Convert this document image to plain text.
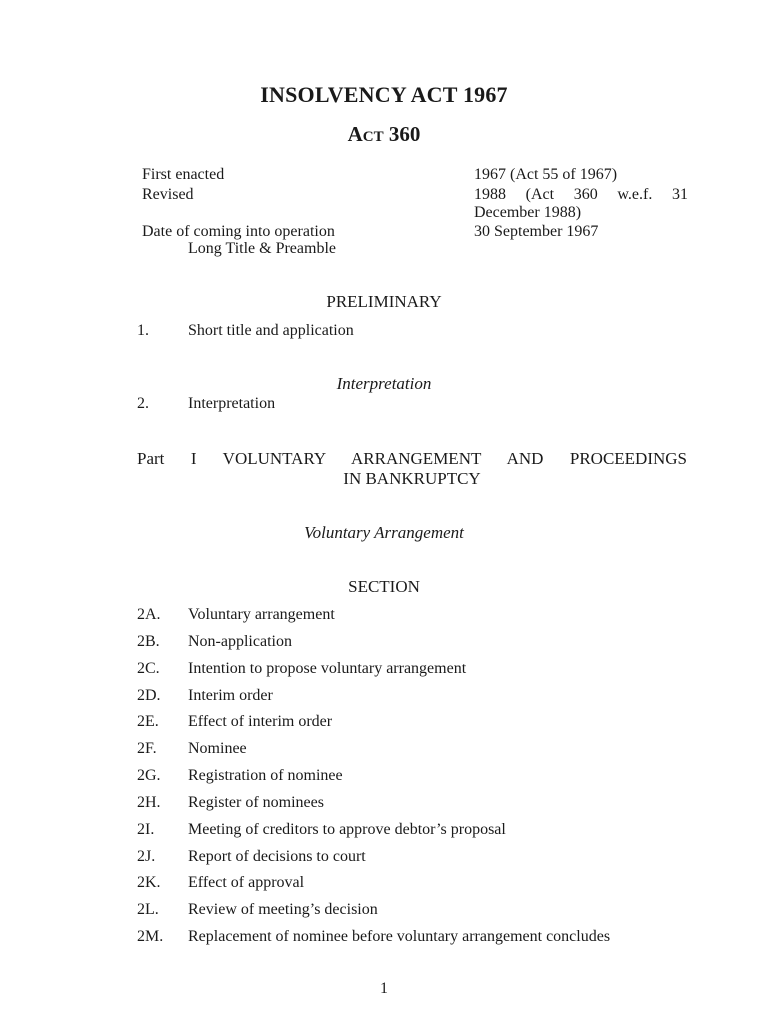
INSOLVENCY ACT 1967
Act 360
First enacted	1967 (Act 55 of 1967)
Revised	1988 (Act 360 w.e.f. 31 December 1988)
Date of coming into operation	30 September 1967
Long Title & Preamble
PRELIMINARY
1. Short title and application
Interpretation
2. Interpretation
Part I VOLUNTARY ARRANGEMENT AND PROCEEDINGS
IN BANKRUPTCY
Voluntary Arrangement
SECTION
2A. Voluntary arrangement
2B. Non-application
2C. Intention to propose voluntary arrangement
2D. Interim order
2E. Effect of interim order
2F. Nominee
2G. Registration of nominee
2H. Register of nominees
2I. Meeting of creditors to approve debtor’s proposal
2J. Report of decisions to court
2K. Effect of approval
2L. Review of meeting’s decision
2M. Replacement of nominee before voluntary arrangement concludes
1
